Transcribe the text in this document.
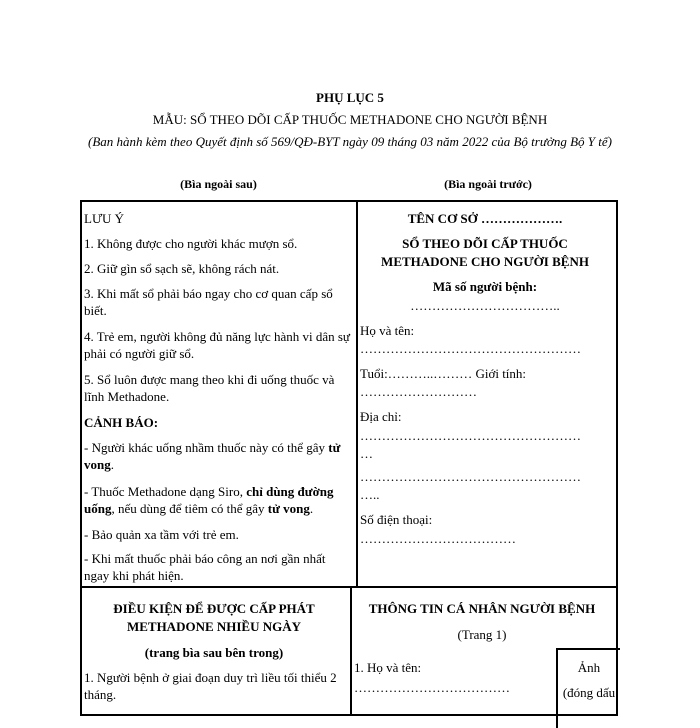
PHỤ LỤC 5
MẪU: SỔ THEO DÕI CẤP THUỐC METHADONE CHO NGƯỜI BỆNH
(Ban hành kèm theo Quyết định số 569/QĐ-BYT ngày 09 tháng 03 năm 2022 của Bộ trưởng Bộ Y tế)
(Bìa ngoài sau)	(Bìa ngoài trước)
LƯU Ý
1. Không được cho người khác mượn sổ.
2. Giữ gìn sổ sạch sẽ, không rách nát.
3. Khi mất sổ phải báo ngay cho cơ quan cấp sổ biết.
4. Trẻ em, người không đủ năng lực hành vi dân sự phải có người giữ sổ.
5. Sổ luôn được mang theo khi đi uống thuốc và lĩnh Methadone.
CẢNH BÁO:
- Người khác uống nhầm thuốc này có thể gây tử vong.
- Thuốc Methadone dạng Siro, chỉ dùng đường uống, nếu dùng để tiêm có thể gây tử vong.
- Bảo quản xa tầm với trẻ em.
- Khi mất thuốc phải báo công an nơi gần nhất ngay khi phát hiện.
TÊN CƠ SỞ ……………….
SỔ THEO DÕI CẤP THUỐC
METHADONE CHO NGƯỜI BỆNH
Mã số người bệnh:
……………………………..
Họ và tên:
……………………………………………
Tuổi:………..……… Giới tính:
………………………
Địa chỉ:
……………………………………………
…
……………………………………………
…..
Số điện thoại:
………………………………
ĐIỀU KIỆN ĐỂ ĐƯỢC CẤP PHÁT
METHADONE NHIỀU NGÀY
(trang bìa sau bên trong)
1. Người bệnh ở giai đoạn duy trì liều tối thiểu 2 tháng.
THÔNG TIN CÁ NHÂN NGƯỜI BỆNH
(Trang 1)
1. Họ và tên:
………………………………
Ảnh
(đóng dấu
